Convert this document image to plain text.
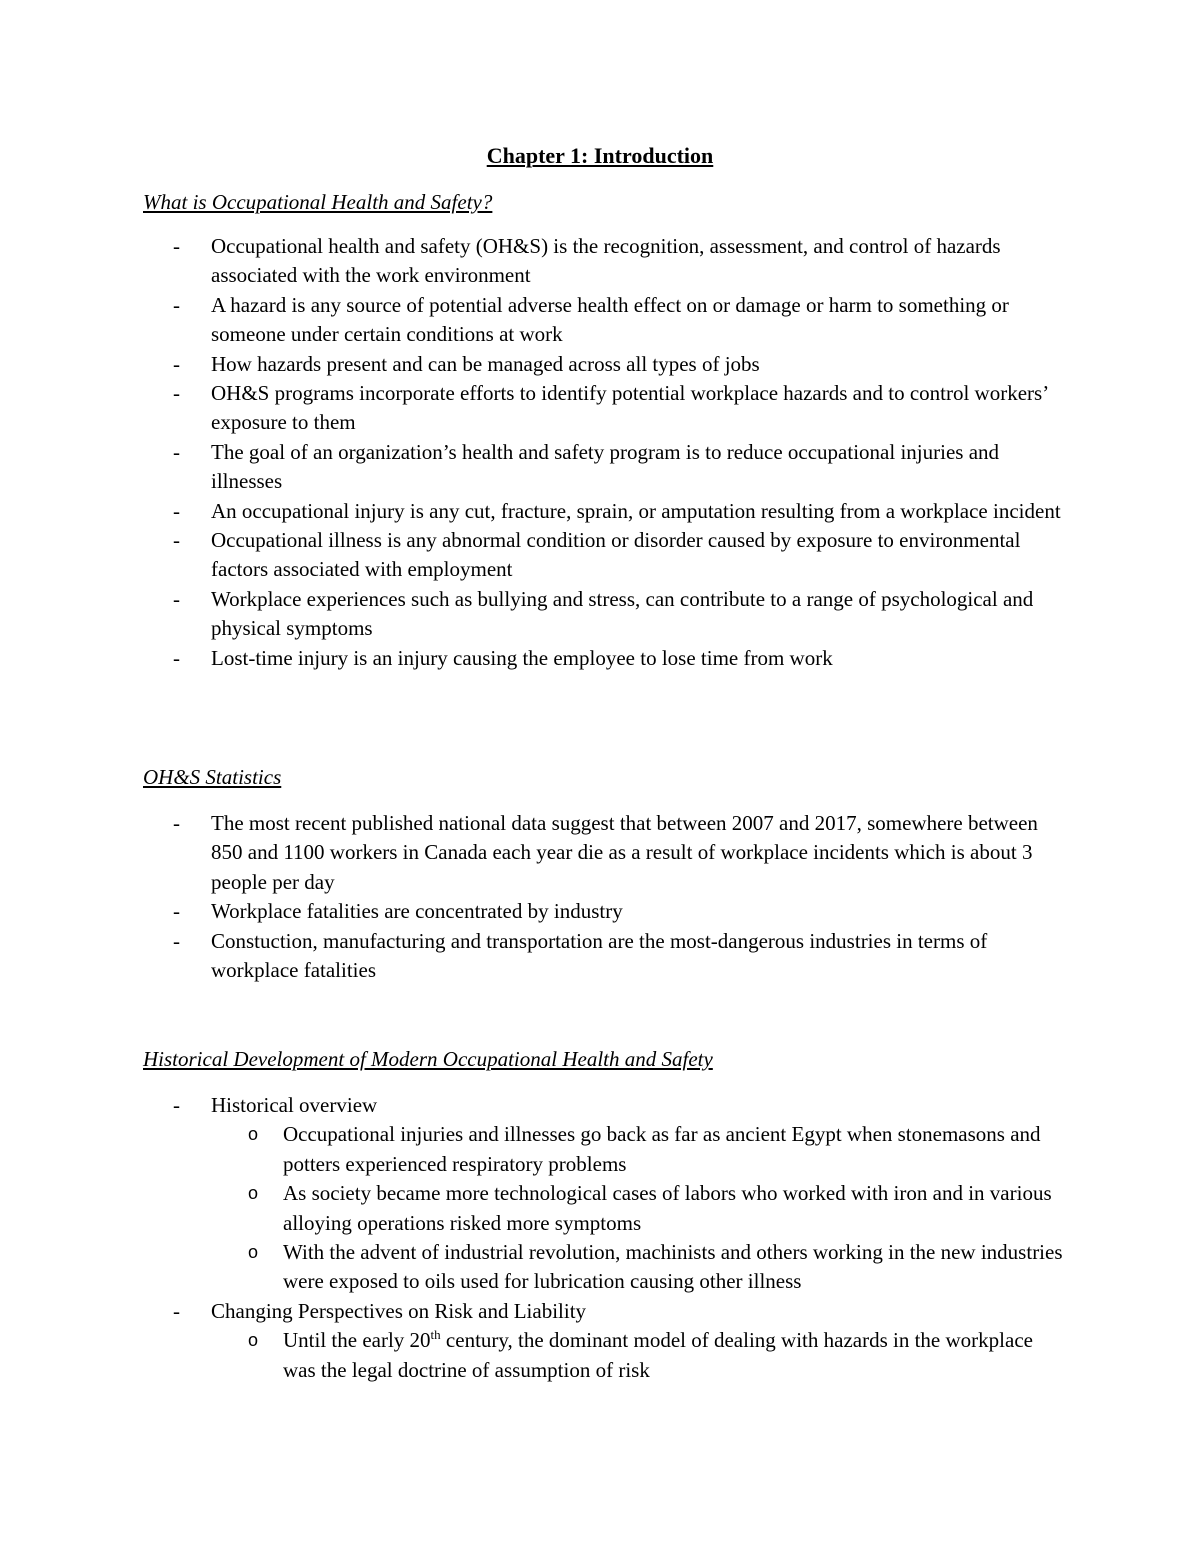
Chapter 1: Introduction
What is Occupational Health and Safety?
-
Occupational health and safety (OH&S) is the recognition, assessment, and control of hazards associated with the work environment
-
A hazard is any source of potential adverse health effect on or damage or harm to something or someone under certain conditions at work
-
How hazards present and can be managed across all types of jobs
-
OH&S programs incorporate efforts to identify potential workplace hazards and to control workers’ exposure to them
-
The goal of an organization’s health and safety program is to reduce occupational injuries and illnesses
-
An occupational injury is any cut, fracture, sprain, or amputation resulting from a workplace incident
-
Occupational illness is any abnormal condition or disorder caused by exposure to environmental factors associated with employment
-
Workplace experiences such as bullying and stress, can contribute to a range of psychological and physical symptoms
-
Lost-time injury is an injury causing the employee to lose time from work
OH&S Statistics
-
The most recent published national data suggest that between 2007 and 2017, somewhere between 850 and 1100 workers in Canada each year die as a result of workplace incidents which is about 3 people per day
-
Workplace fatalities are concentrated by industry
-
Constuction, manufacturing and transportation are the most-dangerous industries in terms of workplace fatalities
Historical Development of Modern Occupational Health and Safety
-
Historical overview
o Occupational injuries and illnesses go back as far as ancient Egypt when stonemasons and potters experienced respiratory problems
o As society became more technological cases of labors who worked with iron and in various alloying operations risked more symptoms
o With the advent of industrial revolution, machinists and others working in the new industries were exposed to oils used for lubrication causing other illness
-
Changing Perspectives on Risk and Liability
o Until the early 20th century, the dominant model of dealing with hazards in the workplace was the legal doctrine of assumption of risk
